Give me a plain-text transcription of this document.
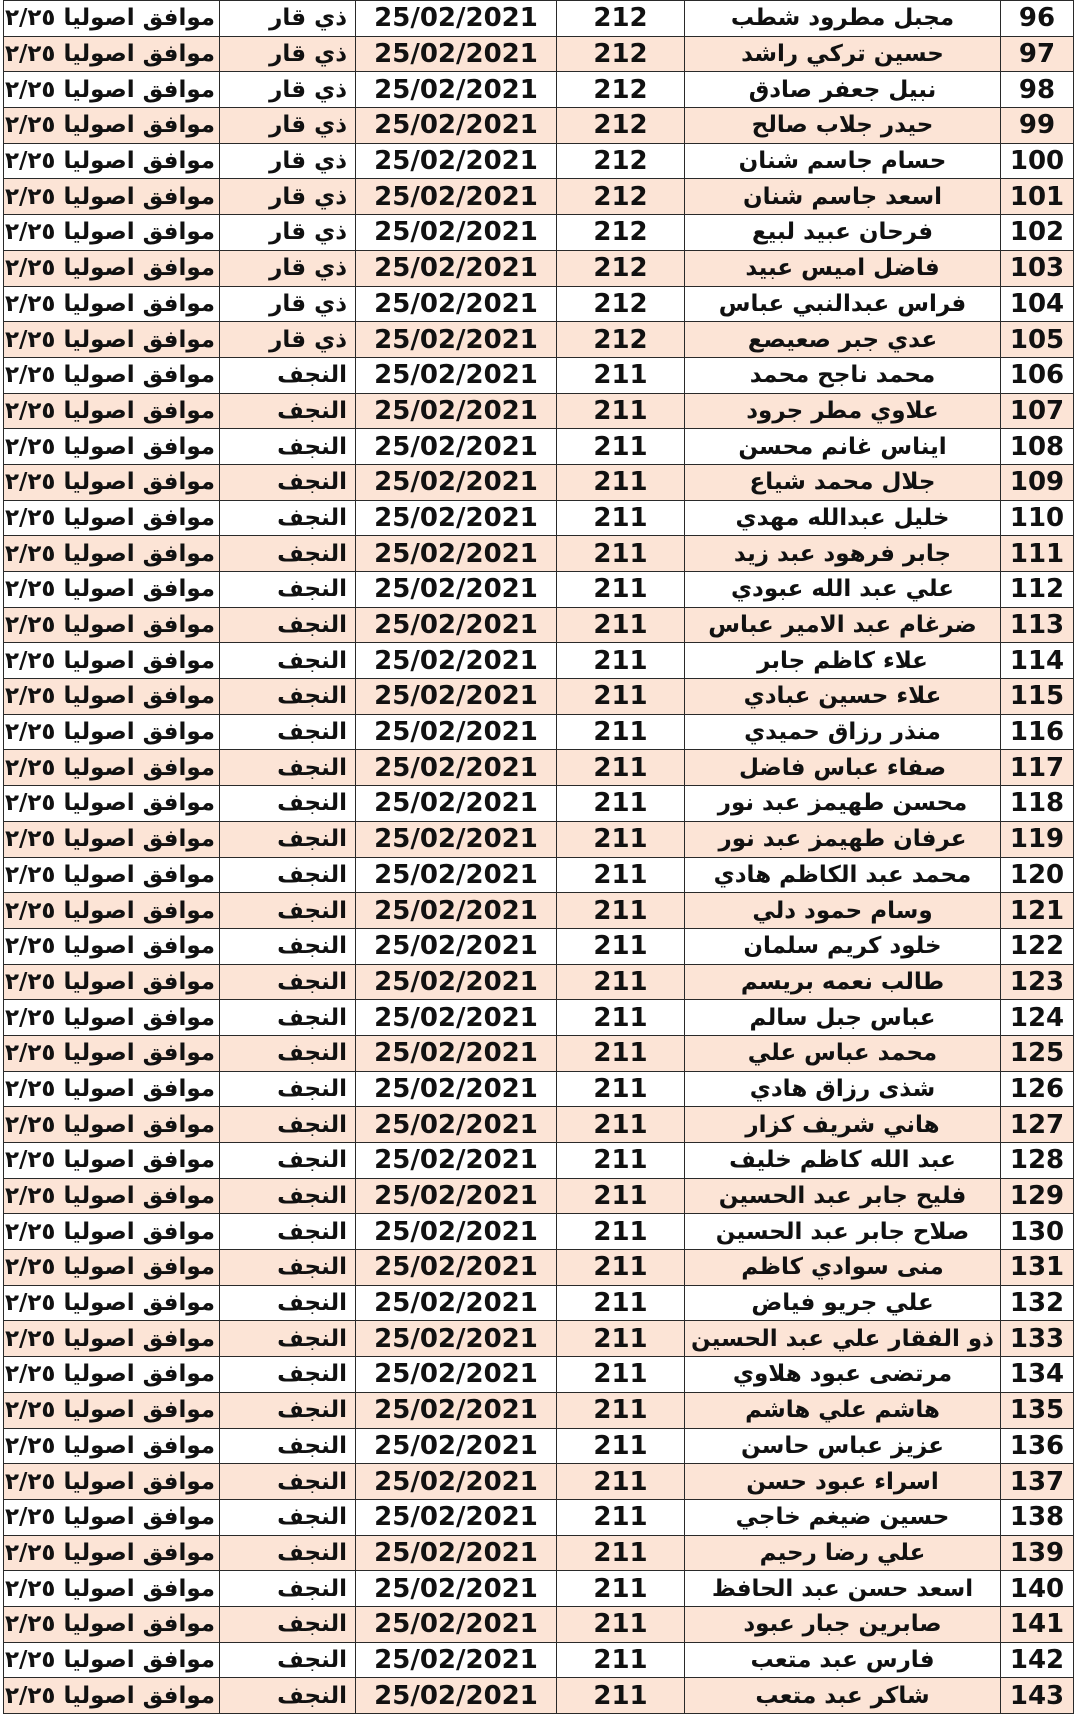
96	مجبل مطرود شطب	212	25/02/2021	ذي قار	موافق اصوليا ٢/٢٥
97	حسين تركي راشد	212	25/02/2021	ذي قار	موافق اصوليا ٢/٢٥
98	نبيل جعفر صادق	212	25/02/2021	ذي قار	موافق اصوليا ٢/٢٥
99	حيدر جلاب صالح	212	25/02/2021	ذي قار	موافق اصوليا ٢/٢٥
100	حسام جاسم شنان	212	25/02/2021	ذي قار	موافق اصوليا ٢/٢٥
101	اسعد جاسم شنان	212	25/02/2021	ذي قار	موافق اصوليا ٢/٢٥
102	فرحان عبيد لبيع	212	25/02/2021	ذي قار	موافق اصوليا ٢/٢٥
103	فاضل اميس عبيد	212	25/02/2021	ذي قار	موافق اصوليا ٢/٢٥
104	فراس عبدالنبي عباس	212	25/02/2021	ذي قار	موافق اصوليا ٢/٢٥
105	عدي جبر صعيصع	212	25/02/2021	ذي قار	موافق اصوليا ٢/٢٥
106	محمد ناجح محمد	211	25/02/2021	النجف	موافق اصوليا ٢/٢٥
107	علاوي مطر جرود	211	25/02/2021	النجف	موافق اصوليا ٢/٢٥
108	ايناس غانم محسن	211	25/02/2021	النجف	موافق اصوليا ٢/٢٥
109	جلال محمد شياع	211	25/02/2021	النجف	موافق اصوليا ٢/٢٥
110	خليل عبدالله مهدي	211	25/02/2021	النجف	موافق اصوليا ٢/٢٥
111	جابر فرهود عبد زيد	211	25/02/2021	النجف	موافق اصوليا ٢/٢٥
112	علي عبد الله عبودي	211	25/02/2021	النجف	موافق اصوليا ٢/٢٥
113	ضرغام عبد الامير عباس	211	25/02/2021	النجف	موافق اصوليا ٢/٢٥
114	علاء كاظم جابر	211	25/02/2021	النجف	موافق اصوليا ٢/٢٥
115	علاء حسين عبادي	211	25/02/2021	النجف	موافق اصوليا ٢/٢٥
116	منذر رزاق حميدي	211	25/02/2021	النجف	موافق اصوليا ٢/٢٥
117	صفاء عباس فاضل	211	25/02/2021	النجف	موافق اصوليا ٢/٢٥
118	محسن طهيمز عبد نور	211	25/02/2021	النجف	موافق اصوليا ٢/٢٥
119	عرفان طهيمز عبد نور	211	25/02/2021	النجف	موافق اصوليا ٢/٢٥
120	محمد عبد الكاظم هادي	211	25/02/2021	النجف	موافق اصوليا ٢/٢٥
121	وسام حمود دلي	211	25/02/2021	النجف	موافق اصوليا ٢/٢٥
122	خلود كريم سلمان	211	25/02/2021	النجف	موافق اصوليا ٢/٢٥
123	طالب نعمه بريسم	211	25/02/2021	النجف	موافق اصوليا ٢/٢٥
124	عباس جبل سالم	211	25/02/2021	النجف	موافق اصوليا ٢/٢٥
125	محمد عباس علي	211	25/02/2021	النجف	موافق اصوليا ٢/٢٥
126	شذى رزاق هادي	211	25/02/2021	النجف	موافق اصوليا ٢/٢٥
127	هاني شريف كزار	211	25/02/2021	النجف	موافق اصوليا ٢/٢٥
128	عبد الله كاظم خليف	211	25/02/2021	النجف	موافق اصوليا ٢/٢٥
129	فليح جابر عبد الحسين	211	25/02/2021	النجف	موافق اصوليا ٢/٢٥
130	صلاح جابر عبد الحسين	211	25/02/2021	النجف	موافق اصوليا ٢/٢٥
131	منى سوادي كاظم	211	25/02/2021	النجف	موافق اصوليا ٢/٢٥
132	علي جريو فياض	211	25/02/2021	النجف	موافق اصوليا ٢/٢٥
133	ذو الفقار علي عبد الحسين	211	25/02/2021	النجف	موافق اصوليا ٢/٢٥
134	مرتضى عبود هلاوي	211	25/02/2021	النجف	موافق اصوليا ٢/٢٥
135	هاشم علي هاشم	211	25/02/2021	النجف	موافق اصوليا ٢/٢٥
136	عزيز عباس حاسن	211	25/02/2021	النجف	موافق اصوليا ٢/٢٥
137	اسراء عبود حسن	211	25/02/2021	النجف	موافق اصوليا ٢/٢٥
138	حسين ضيغم خاجي	211	25/02/2021	النجف	موافق اصوليا ٢/٢٥
139	علي رضا رحيم	211	25/02/2021	النجف	موافق اصوليا ٢/٢٥
140	اسعد حسن عبد الحافظ	211	25/02/2021	النجف	موافق اصوليا ٢/٢٥
141	صابرين جبار عبود	211	25/02/2021	النجف	موافق اصوليا ٢/٢٥
142	فارس عبد متعب	211	25/02/2021	النجف	موافق اصوليا ٢/٢٥
143	شاكر عبد متعب	211	25/02/2021	النجف	موافق اصوليا ٢/٢٥
